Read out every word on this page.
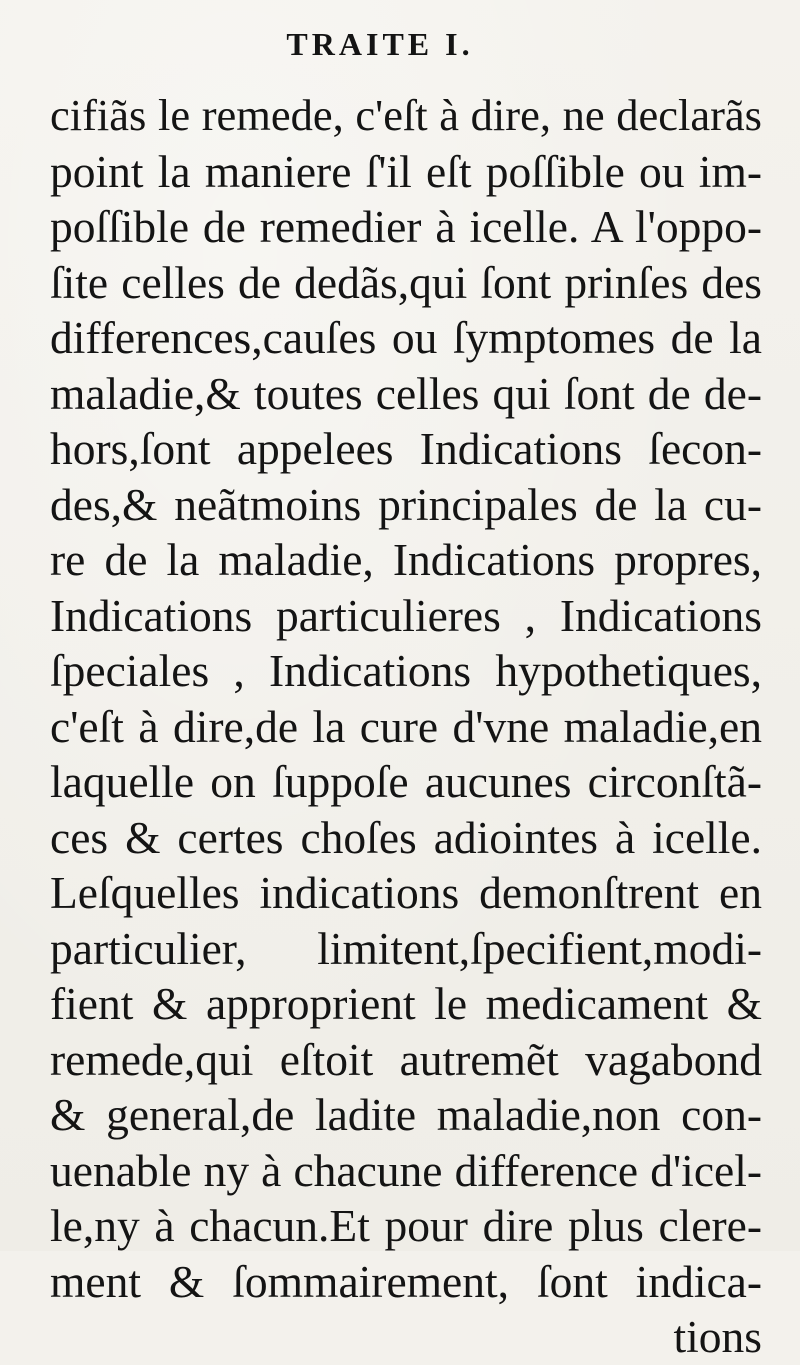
TRAITE I.
cifiãs le remede, c'eſt à dire, ne declarãs
point la maniere ſ'il eſt poſſible ou im-
poſſible de remedier à icelle. A l'oppo-
ſite celles de dedãs,qui ſont prinſes des
differences,cauſes ou ſymptomes de la
maladie,& toutes celles qui ſont de de-
hors,ſont appelees Indications ſecon-
des,& neãtmoins principales de la cu-
re de la maladie, Indications propres,
Indications particulieres , Indications
ſpeciales , Indications hypothetiques,
c'eſt à dire,de la cure d'vne maladie,en
laquelle on ſuppoſe aucunes circonſtã-
ces & certes choſes adiointes à icelle.
Leſquelles indications demonſtrent en
particulier, limitent,ſpecifient,modi-
fient & approprient le medicament &
remede,qui eſtoit autremẽt vagabond
& general,de ladite maladie,non con-
uenable ny à chacune difference d'icel-
le,ny à chacun.Et pour dire plus clere-
ment & ſommairement, ſont indica-
tions
